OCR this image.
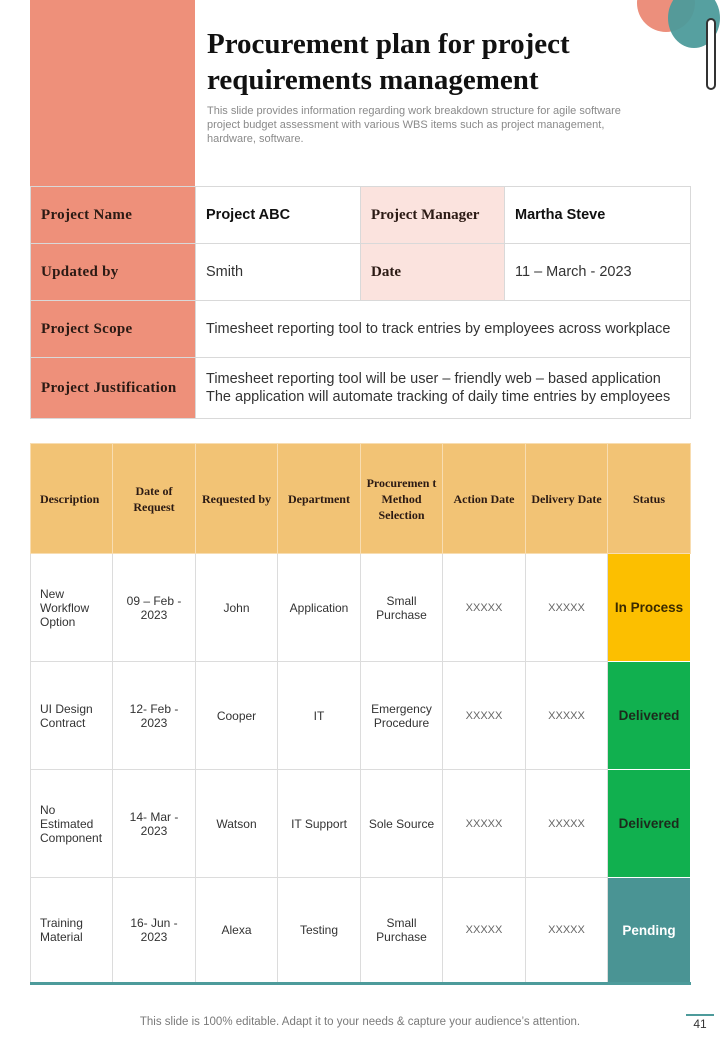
Procurement plan for project requirements management

This slide provides information regarding work breakdown structure for agile software project budget assessment with various WBS items such as project management, hardware, software.

Project Name	Project ABC	Project Manager	Martha Steve
Updated by	Smith	Date	11 – March - 2023
Project Scope	Timesheet reporting tool to track entries by employees across workplace		
Project Justification	Timesheet reporting tool will be user – friendly web – based application
The application will automate tracking of daily time entries by employees		
Description	Date of Request	Requested by	Department	Procuremen t Method Selection	Action Date	Delivery Date	Status
New Workflow Option	09 – Feb - 2023	John	Application	Small Purchase	XXXXX	XXXXX	In Process
UI Design Contract	12- Feb - 2023	Cooper	IT	Emergency Procedure	XXXXX	XXXXX	Delivered
No Estimated Component	14- Mar - 2023	Watson	IT Support	Sole Source	XXXXX	XXXXX	Delivered
Training Material	16- Jun - 2023	Alexa	Testing	Small Purchase	XXXXX	XXXXX	Pending
This slide is 100% editable. Adapt it to your needs & capture your audience’s attention.	41
